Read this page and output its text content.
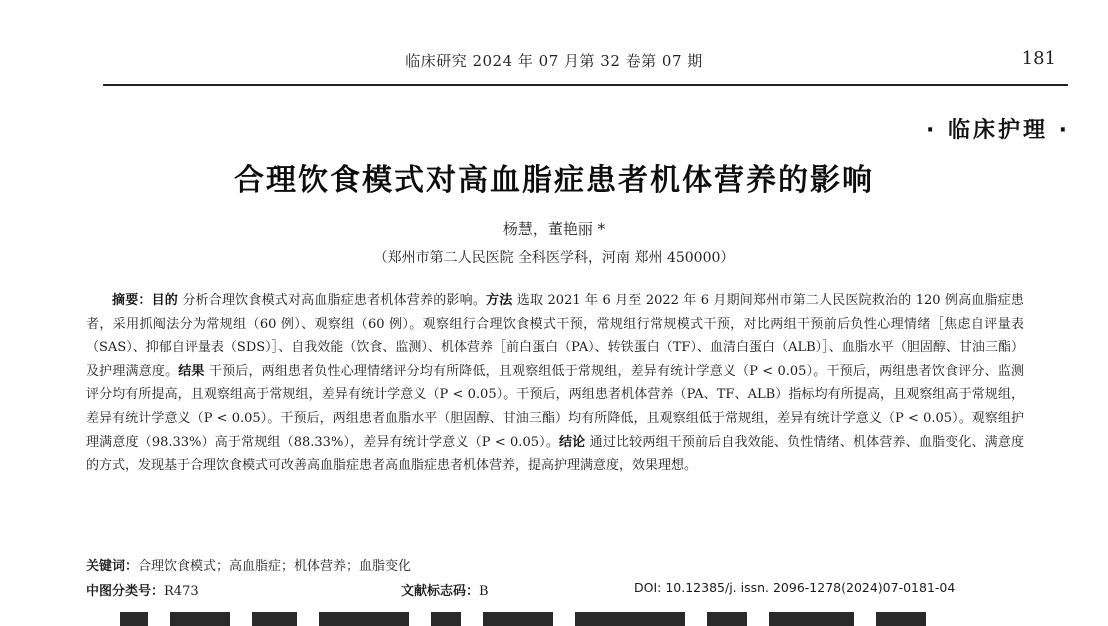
临床研究 2024 年 07 月第 32 卷第 07 期	181
· 临床护理 ·
合理饮食模式对高血脂症患者机体营养的影响
杨慧，董艳丽 *
（郑州市第二人民医院 全科医学科，河南 郑州 450000）
摘要：目的 分析合理饮食模式对高血脂症患者机体营养的影响。方法 选取 2021 年 6 月至 2022 年 6 月期间郑州市第二人民医院救治的 120 例高血脂症患者，采用抓阄法分为常规组（60 例）、观察组（60 例）。观察组行合理饮食模式干预，常规组行常规模式干预，对比两组干预前后负性心理情绪［焦虑自评量表（SAS）、抑郁自评量表（SDS）］、自我效能（饮食、监测）、机体营养［前白蛋白（PA）、转铁蛋白（TF）、血清白蛋白（ALB）］、血脂水平（胆固醇、甘油三酯）及护理满意度。结果 干预后，两组患者负性心理情绪评分均有所降低，且观察组低于常规组，差异有统计学意义（P < 0.05）。干预后，两组患者饮食评分、监测评分均有所提高，且观察组高于常规组，差异有统计学意义（P < 0.05）。干预后，两组患者机体营养（PA、TF、ALB）指标均有所提高，且观察组高于常规组，差异有统计学意义（P < 0.05）。干预后，两组患者血脂水平（胆固醇、甘油三酯）均有所降低，且观察组低于常规组，差异有统计学意义（P < 0.05）。观察组护理满意度（98.33%）高于常规组（88.33%），差异有统计学意义（P < 0.05）。结论 通过比较两组干预前后自我效能、负性情绪、机体营养、血脂变化、满意度的方式，发现基于合理饮食模式可改善高血脂症患者高血脂症患者机体营养，提高护理满意度，效果理想。
关键词：合理饮食模式；高血脂症；机体营养；血脂变化
中图分类号：R473	文献标志码：B	DOI: 10.12385/j. issn. 2096-1278(2024)07-0181-04
